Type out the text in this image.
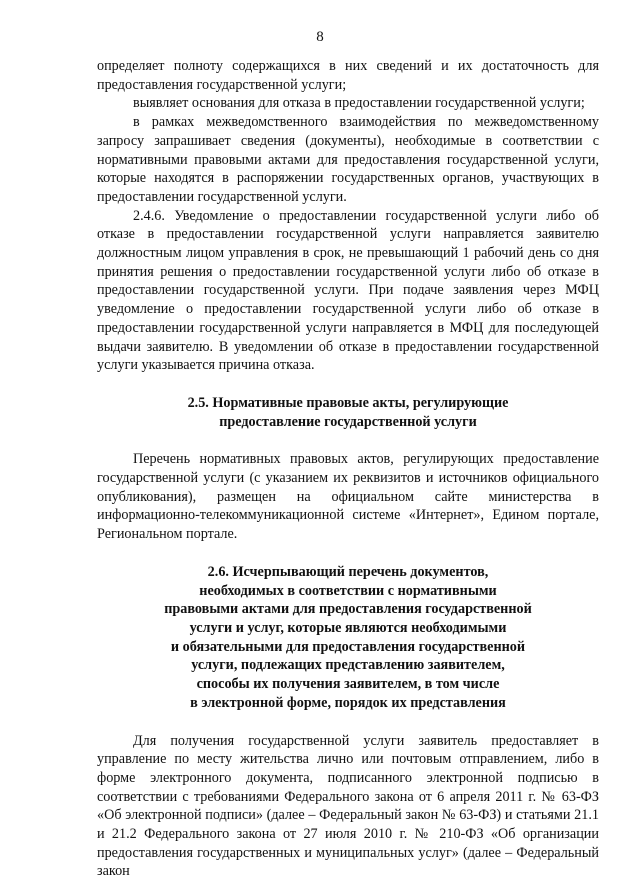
8

определяет полноту содержащихся в них сведений и их достаточность для предоставления государственной услуги;

выявляет основания для отказа в предоставлении государственной услуги;

в рамках межведомственного взаимодействия по межведомственному запросу запрашивает сведения (документы), необходимые в соответствии с нормативными правовыми актами для предоставления государственной услуги, которые находятся в распоряжении государственных органов, участвующих в предоставлении государственной услуги.

2.4.6. Уведомление о предоставлении государственной услуги либо об отказе в предоставлении государственной услуги направляется заявителю должностным лицом управления в срок, не превышающий 1 рабочий день со дня принятия решения о предоставлении государственной услуги либо об отказе в предоставлении государственной услуги. При подаче заявления через МФЦ уведомление о предоставлении государственной услуги либо об отказе в предоставлении государственной услуги направляется в МФЦ для последующей выдачи заявителю. В уведомлении об отказе в предоставлении государственной услуги указывается причина отказа.

2.5. Нормативные правовые акты, регулирующие
предоставление государственной услуги

Перечень нормативных правовых актов, регулирующих предоставление государственной услуги (с указанием их реквизитов и источников официального опубликования), размещен на официальном сайте министерства в информационно-телекоммуникационной системе «Интернет», Едином портале, Региональном портале.

2.6. Исчерпывающий перечень документов,
необходимых в соответствии с нормативными
правовыми актами для предоставления государственной
услуги и услуг, которые являются необходимыми
и обязательными для предоставления государственной
услуги, подлежащих представлению заявителем,
способы их получения заявителем, в том числе
в электронной форме, порядок их представления

Для получения государственной услуги заявитель предоставляет в управление по месту жительства лично или почтовым отправлением, либо в форме электронного документа, подписанного электронной подписью в соответствии с требованиями Федерального закона от 6 апреля 2011 г. № 63-ФЗ «Об электронной подписи» (далее – Федеральный закон № 63-ФЗ) и статьями 21.1 и 21.2 Федерального закона от 27 июля 2010 г. № 210-ФЗ «Об организации предоставления государственных и муниципальных услуг» (далее – Федеральный закон
